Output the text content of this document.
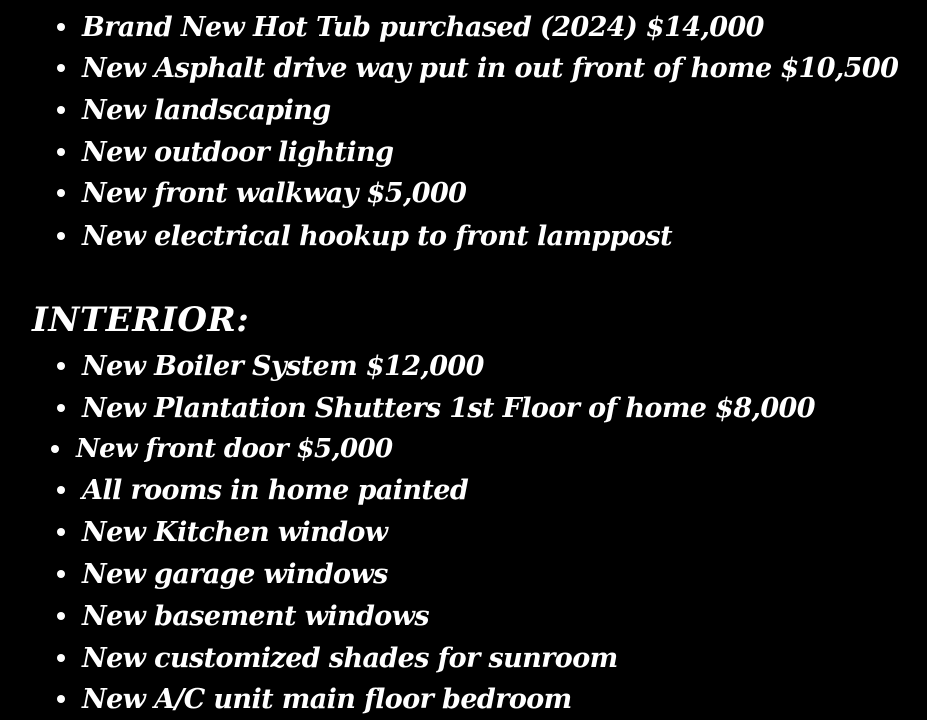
Brand New Hot Tub purchased (2024) $14,000
New Asphalt drive way put in out front of home $10,500
New landscaping
New outdoor lighting
New front walkway $5,000
New electrical hookup to front lamppost
INTERIOR:
New Boiler System $12,000
New Plantation Shutters 1st Floor of home $8,000
New front door $5,000
All rooms in home painted
New Kitchen window
New garage windows
New basement windows
New customized shades for sunroom
New A/C unit main floor bedroom
